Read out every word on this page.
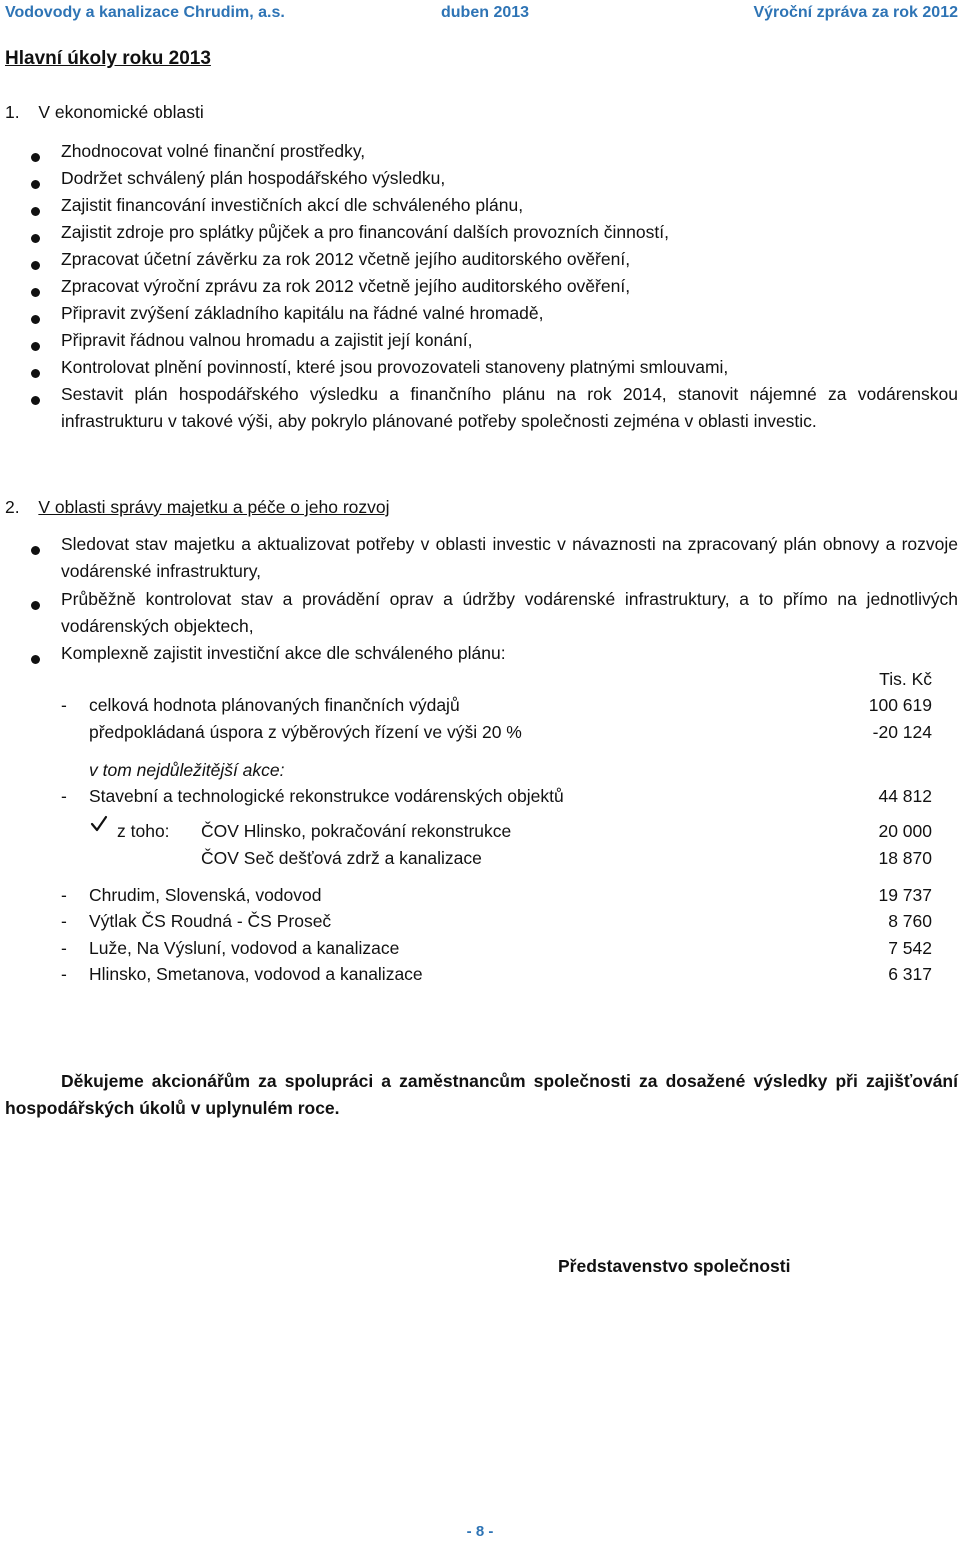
Vodovody a kanalizace Chrudim, a.s.	duben 2013	Výroční zpráva za rok 2012
Hlavní úkoly roku 2013
1. V ekonomické oblasti
Zhodnocovat volné finanční prostředky,
Dodržet schválený plán hospodářského výsledku,
Zajistit financování investičních akcí dle schváleného plánu,
Zajistit zdroje pro splátky půjček a pro financování dalších provozních činností,
Zpracovat účetní závěrku za rok 2012 včetně jejího auditorského ověření,
Zpracovat výroční zprávu za rok 2012 včetně jejího auditorského ověření,
Připravit zvýšení základního kapitálu na řádné valné hromadě,
Připravit řádnou valnou hromadu a zajistit její konání,
Kontrolovat plnění povinností, které jsou provozovateli stanoveny platnými smlouvami,
Sestavit plán hospodářského výsledku a finančního plánu na rok 2014, stanovit nájemné za vodárenskou infrastrukturu v takové výši, aby pokrylo plánované potřeby společnosti zejména v oblasti investic.
2. V oblasti správy majetku a péče o jeho rozvoj
Sledovat stav majetku a aktualizovat potřeby v oblasti investic v návaznosti na zpracovaný plán obnovy a rozvoje vodárenské infrastruktury,
Průběžně kontrolovat stav a provádění oprav a údržby vodárenské infrastruktury, a to přímo na jednotlivých vodárenských objektech,
Komplexně zajistit investiční akce dle schváleného plánu:
Tis. Kč
- celková hodnota plánovaných finančních výdajů	100 619
předpokládaná úspora z výběrových řízení ve výši 20 %	-20 124
v tom nejdůležitější akce:
- Stavební a technologické rekonstrukce vodárenských objektů	44 812
z toho: ČOV Hlinsko, pokračování rekonstrukce	20 000
ČOV Seč dešťová zdrž a kanalizace	18 870
- Chrudim, Slovenská, vodovod	19 737
- Výtlak ČS Roudná - ČS Proseč	8 760
- Luže, Na Výsluní, vodovod a kanalizace	7 542
- Hlinsko, Smetanova, vodovod a kanalizace	6 317
Děkujeme akcionářům za spolupráci a zaměstnancům společnosti za dosažené výsledky při zajišťování hospodářských úkolů v uplynulém roce.
Představenstvo společnosti
- 8 -
